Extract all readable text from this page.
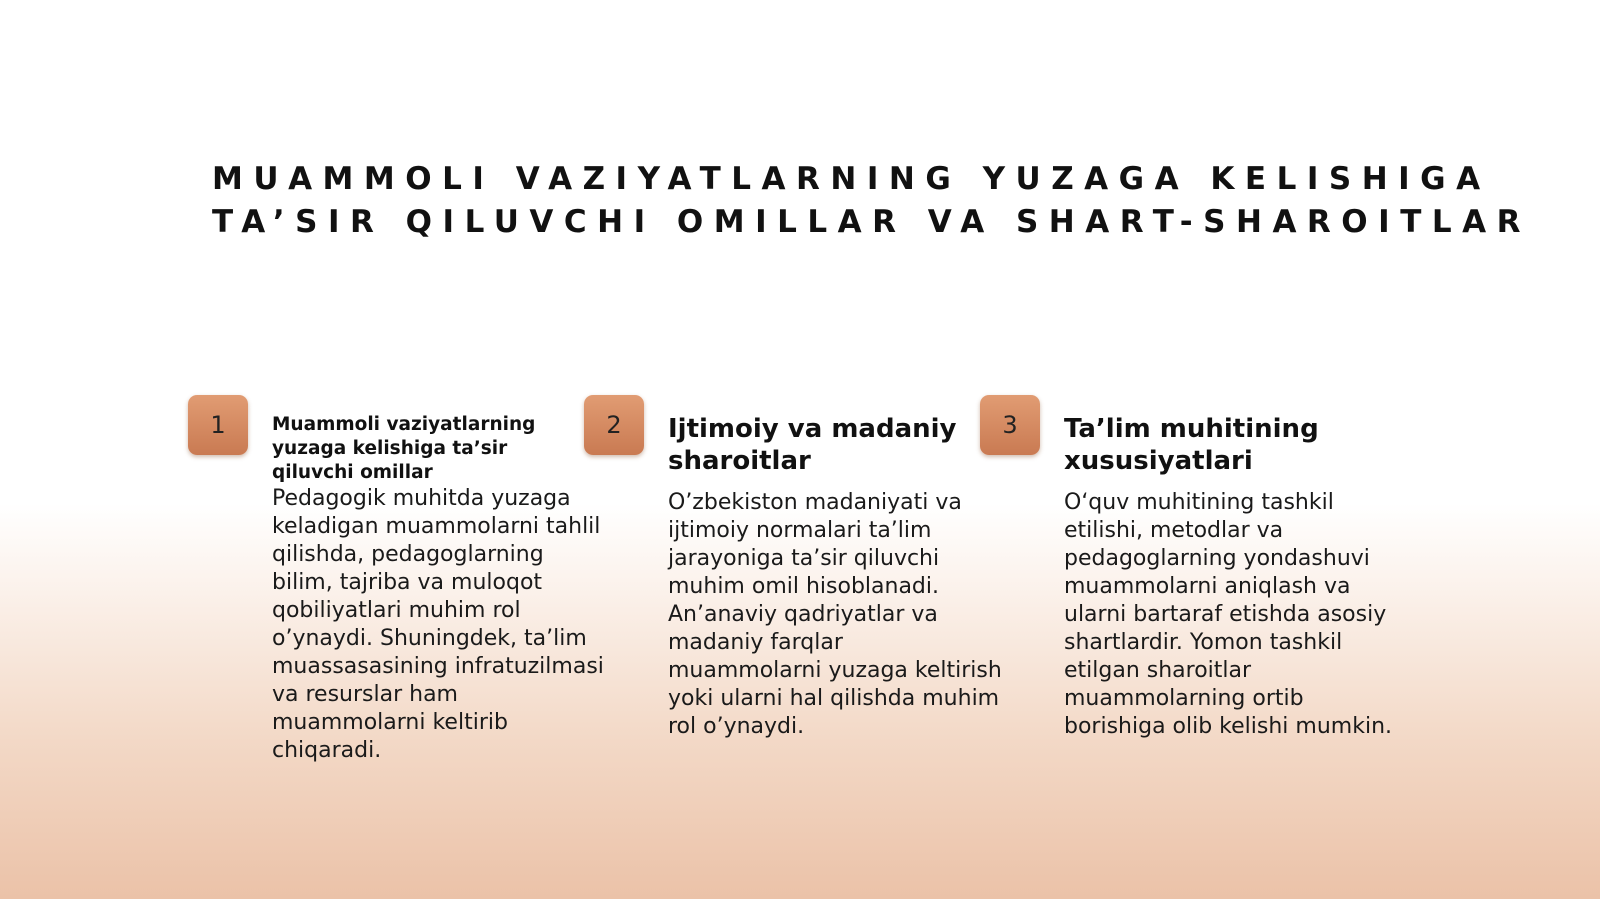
MUAMMOLI VAZIYATLARNING YUZAGA KELISHIGA
TA’SIR QILUVCHI OMILLAR VA SHART-SHAROITLAR
1	Muammoli vaziyatlarning
yuzaga kelishiga ta’sir
qiluvchi omillar

Pedagogik muhitda yuzaga
keladigan muammolarni tahlil
qilishda, pedagoglarning
bilim, tajriba va muloqot
qobiliyatlari muhim rol
o’ynaydi. Shuningdek, ta’lim
muassasasining infratuzilmasi
va resurslar ham
muammolarni keltirib
chiqaradi.

2	Ijtimoiy va madaniy
sharoitlar

O’zbekiston madaniyati va
ijtimoiy normalari ta’lim
jarayoniga ta’sir qiluvchi
muhim omil hisoblanadi.
An’anaviy qadriyatlar va
madaniy farqlar
muammolarni yuzaga keltirish
yoki ularni hal qilishda muhim
rol o’ynaydi.

3	Ta’lim muhitining
xususiyatlari

O‘quv muhitining tashkil
etilishi, metodlar va
pedagoglarning yondashuvi
muammolarni aniqlash va
ularni bartaraf etishda asosiy
shartlardir. Yomon tashkil
etilgan sharoitlar
muammolarning ortib
borishiga olib kelishi mumkin.
